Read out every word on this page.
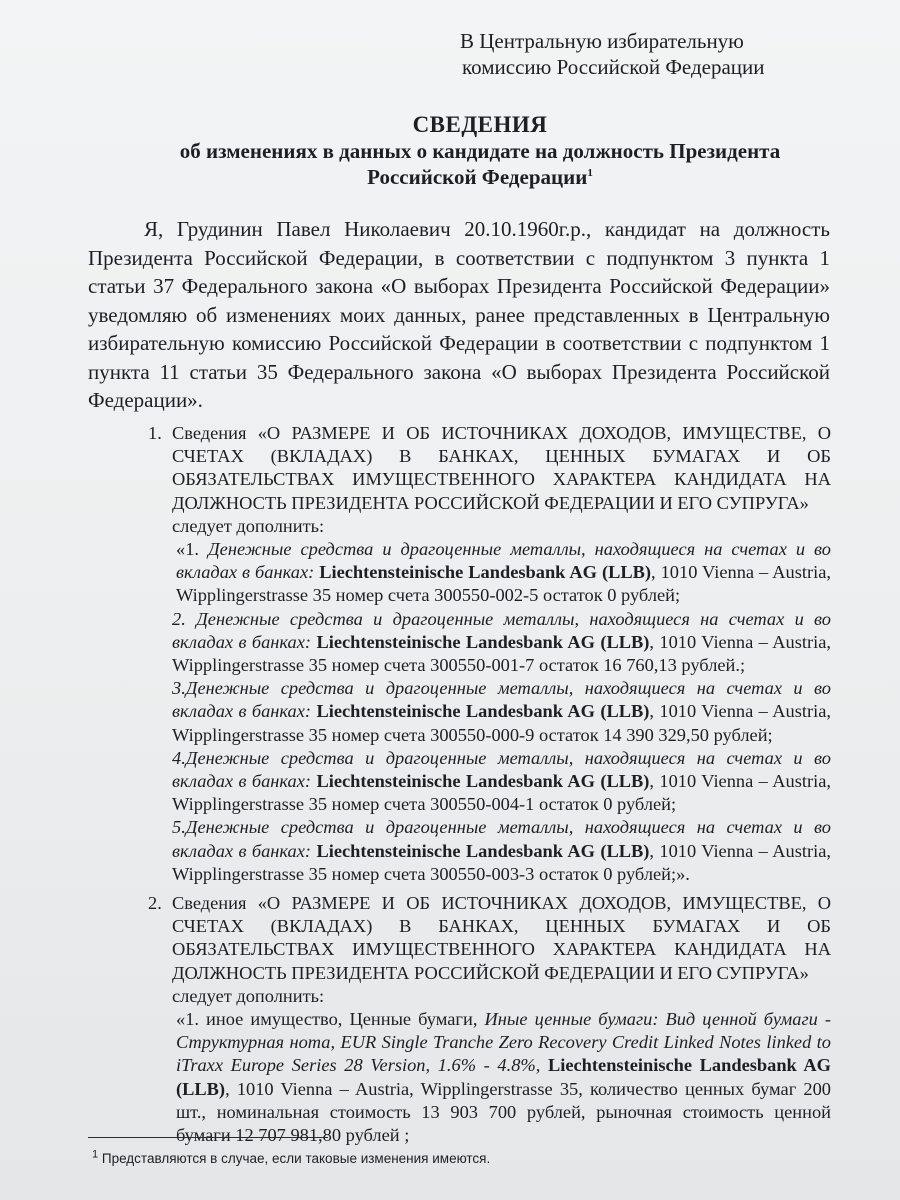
В Центральную избирательную
комиссию Российской Федерации
СВЕДЕНИЯ
об изменениях в данных о кандидате на должность Президента
Российской Федерации$^1$

Я, Грудинин Павел Николаевич 20.10.1960г.р., кандидат на должность Президента Российской Федерации, в соответствии с подпунктом 3 пункта 1 статьи 37 Федерального закона «О выборах Президента Российской Федерации» уведомляю об изменениях моих данных, ранее представленных в Центральную избирательную комиссию Российской Федерации в соответствии с подпунктом 1 пункта 11 статьи 35 Федерального закона «О выборах Президента Российской Федерации».

1. Сведения «О РАЗМЕРЕ И ОБ ИСТОЧНИКАХ ДОХОДОВ, ИМУЩЕСТВЕ, О СЧЕТАХ (ВКЛАДАХ) В БАНКАХ, ЦЕННЫХ БУМАГАХ И ОБ ОБЯЗАТЕЛЬСТВАХ ИМУЩЕСТВЕННОГО ХАРАКТЕРА КАНДИДАТА НА ДОЛЖНОСТЬ ПРЕЗИДЕНТА РОССИЙСКОЙ ФЕДЕРАЦИИ И ЕГО СУПРУГА»

следует дополнить:

«1. Денежные средства и драгоценные металлы, находящиеся на счетах и во вкладах в банках: Liechtensteinische Landesbank AG (LLB), 1010 Vienna – Austria, Wipplingerstrasse 35 номер счета 300550-002-5 остаток 0 рублей;

2. Денежные средства и драгоценные металлы, находящиеся на счетах и во вкладах в банках: Liechtensteinische Landesbank AG (LLB), 1010 Vienna – Austria, Wipplingerstrasse 35 номер счета 300550-001-7 остаток 16 760,13 рублей.;

3.Денежные средства и драгоценные металлы, находящиеся на счетах и во вкладах в банках: Liechtensteinische Landesbank AG (LLB), 1010 Vienna – Austria, Wipplingerstrasse 35 номер счета 300550-000-9 остаток 14 390 329,50 рублей;

4.Денежные средства и драгоценные металлы, находящиеся на счетах и во вкладах в банках: Liechtensteinische Landesbank AG (LLB), 1010 Vienna – Austria, Wipplingerstrasse 35 номер счета 300550-004-1 остаток 0 рублей;

5.Денежные средства и драгоценные металлы, находящиеся на счетах и во вкладах в банках: Liechtensteinische Landesbank AG (LLB), 1010 Vienna – Austria, Wipplingerstrasse 35 номер счета 300550-003-3 остаток 0 рублей;».

2. Сведения «О РАЗМЕРЕ И ОБ ИСТОЧНИКАХ ДОХОДОВ, ИМУЩЕСТВЕ, О СЧЕТАХ (ВКЛАДАХ) В БАНКАХ, ЦЕННЫХ БУМАГАХ И ОБ ОБЯЗАТЕЛЬСТВАХ ИМУЩЕСТВЕННОГО ХАРАКТЕРА КАНДИДАТА НА ДОЛЖНОСТЬ ПРЕЗИДЕНТА РОССИЙСКОЙ ФЕДЕРАЦИИ И ЕГО СУПРУГА»

следует дополнить:

«1. иное имущество, Ценные бумаги, Иные ценные бумаги: Вид ценной бумаги - Структурная нота, EUR Single Tranche Zero Recovery Credit Linked Notes linked to iTraxx Europe Series 28 Version, 1.6% - 4.8%, Liechtensteinische Landesbank AG (LLB), 1010 Vienna – Austria, Wipplingerstrasse 35, количество ценных бумаг 200 шт., номинальная стоимость 13 903 700 рублей, рыночная стоимость ценной бумаги 12 707 981,80 рублей ;

$^1$ Представляются в случае, если таковые изменения имеются.
